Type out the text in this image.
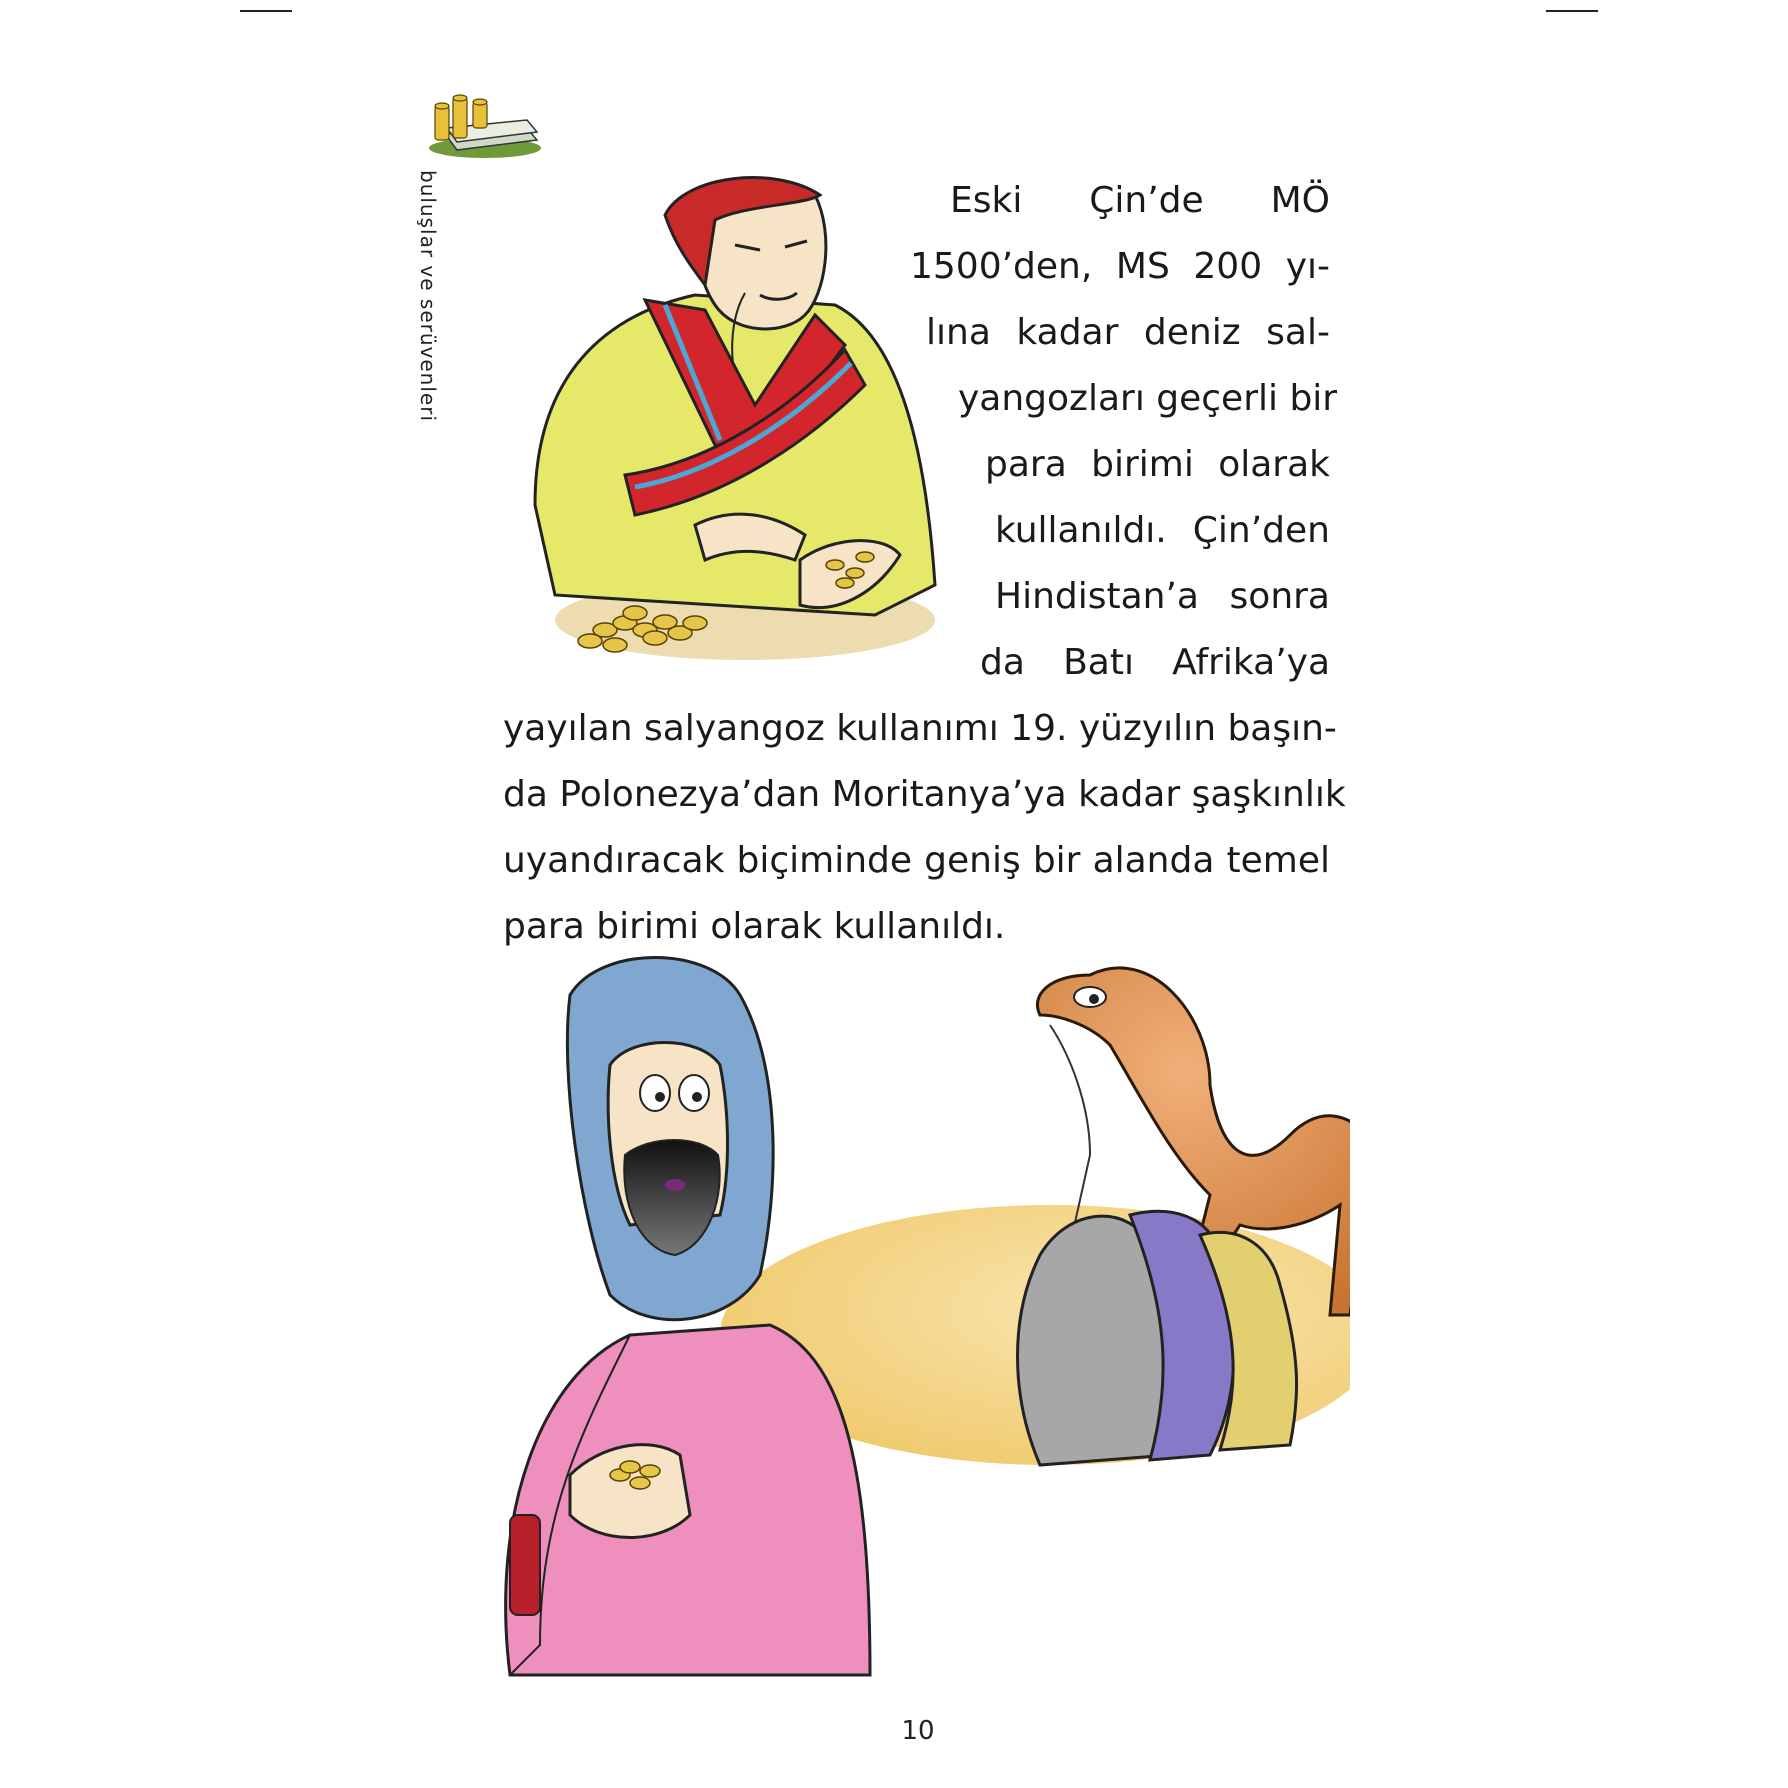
buluşlar ve serüvenleri	Eski Çin’de MÖ
1500’den, MS 200 yı-
lına kadar deniz sal-
yangozları geçerli bir
para birimi olarak
kullanıldı. Çin’den
Hindistan’a sonra
da Batı Afrika’ya
yayılan salyangoz kullanımı 19. yüzyılın başın-
da Polonezya’dan Moritanya’ya kadar şaşkınlık
uyandıracak biçiminde geniş bir alanda temel
para birimi olarak kullanıldı.
10
